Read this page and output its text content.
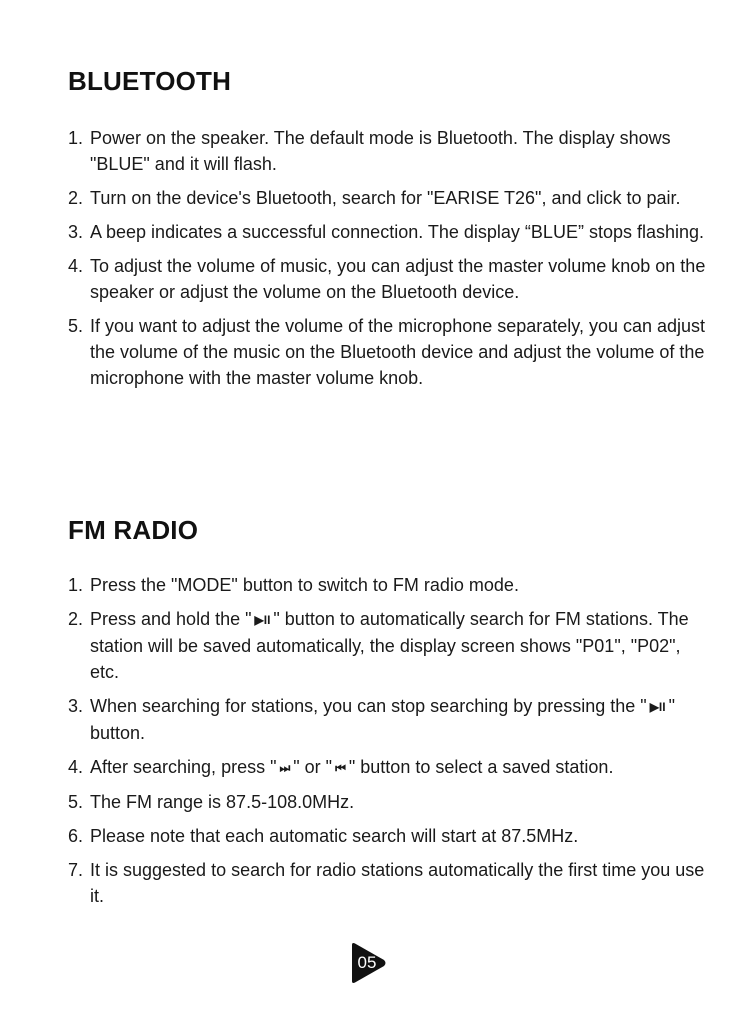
BLUETOOTH
1. Power on the speaker. The default mode is Bluetooth. The display shows "BLUE" and it will flash.
2. Turn on the device's Bluetooth, search for "EARISE T26", and click to pair.
3. A beep indicates a successful connection. The display “BLUE” stops flashing.
4. To adjust the volume of music, you can adjust the master volume knob on the speaker or adjust the volume on the Bluetooth device.
5. If you want to adjust the volume of the microphone separately, you can adjust the volume of the music on the Bluetooth device and adjust the volume of the microphone with the master volume knob.
FM RADIO
1. Press the "MODE" button to switch to FM radio mode.
2. Press and hold the " ▶II " button to automatically search for FM stations. The station will be saved automatically, the display screen shows "P01", "P02", etc.
3. When searching for stations, you can stop searching by pressing the " ▶II " button.
4. After searching, press " ⏭ " or " ⏮ " button to select a saved station.
5. The FM range is 87.5-108.0MHz.
6. Please note that each automatic search will start at 87.5MHz.
7. It is suggested to search for radio stations automatically the first time you use it.
05
